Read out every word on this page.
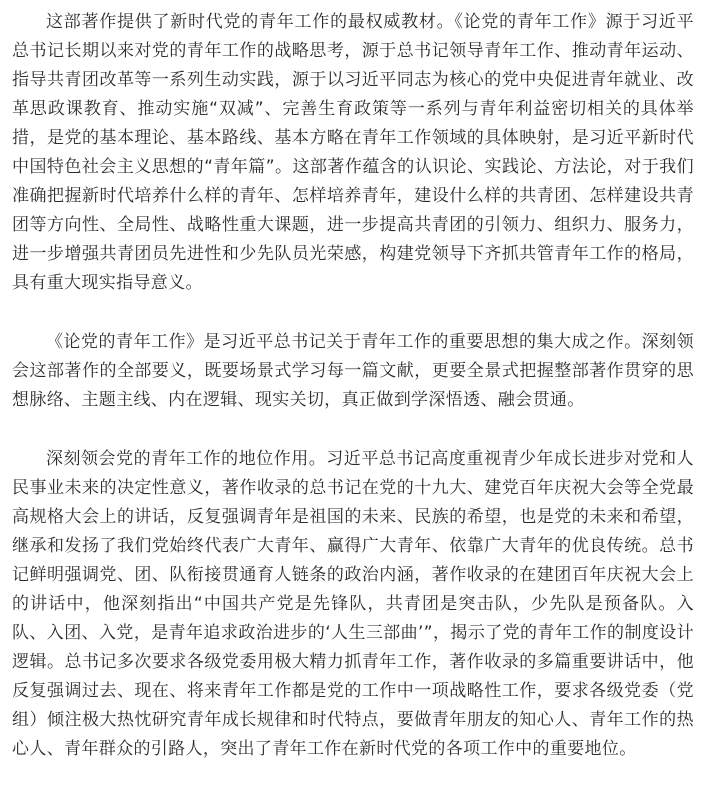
这部著作提供了新时代党的青年工作的最权威教材。《论党的青年工作》源于习近平总书记长期以来对党的青年工作的战略思考，源于总书记领导青年工作、推动青年运动、指导共青团改革等一系列生动实践，源于以习近平同志为核心的党中央促进青年就业、改革思政课教育、推动实施“双减”、完善生育政策等一系列与青年利益密切相关的具体举措，是党的基本理论、基本路线、基本方略在青年工作领域的具体映射，是习近平新时代中国特色社会主义思想的“青年篇”。这部著作蕴含的认识论、实践论、方法论，对于我们准确把握新时代培养什么样的青年、怎样培养青年，建设什么样的共青团、怎样建设共青团等方向性、全局性、战略性重大课题，进一步提高共青团的引领力、组织力、服务力，进一步增强共青团员先进性和少先队员光荣感，构建党领导下齐抓共管青年工作的格局，具有重大现实指导意义。

《论党的青年工作》是习近平总书记关于青年工作的重要思想的集大成之作。深刻领会这部著作的全部要义，既要场景式学习每一篇文献，更要全景式把握整部著作贯穿的思想脉络、主题主线、内在逻辑、现实关切，真正做到学深悟透、融会贯通。

深刻领会党的青年工作的地位作用。习近平总书记高度重视青少年成长进步对党和人民事业未来的决定性意义，著作收录的总书记在党的十九大、建党百年庆祝大会等全党最高规格大会上的讲话，反复强调青年是祖国的未来、民族的希望，也是党的未来和希望，继承和发扬了我们党始终代表广大青年、赢得广大青年、依靠广大青年的优良传统。总书记鲜明强调党、团、队衔接贯通育人链条的政治内涵，著作收录的在建团百年庆祝大会上的讲话中，他深刻指出“中国共产党是先锋队，共青团是突击队，少先队是预备队。入队、入团、入党，是青年追求政治进步的‘人生三部曲’”，揭示了党的青年工作的制度设计逻辑。总书记多次要求各级党委用极大精力抓青年工作，著作收录的多篇重要讲话中，他反复强调过去、现在、将来青年工作都是党的工作中一项战略性工作，要求各级党委（党组）倾注极大热忱研究青年成长规律和时代特点，要做青年朋友的知心人、青年工作的热心人、青年群众的引路人，突出了青年工作在新时代党的各项工作中的重要地位。
